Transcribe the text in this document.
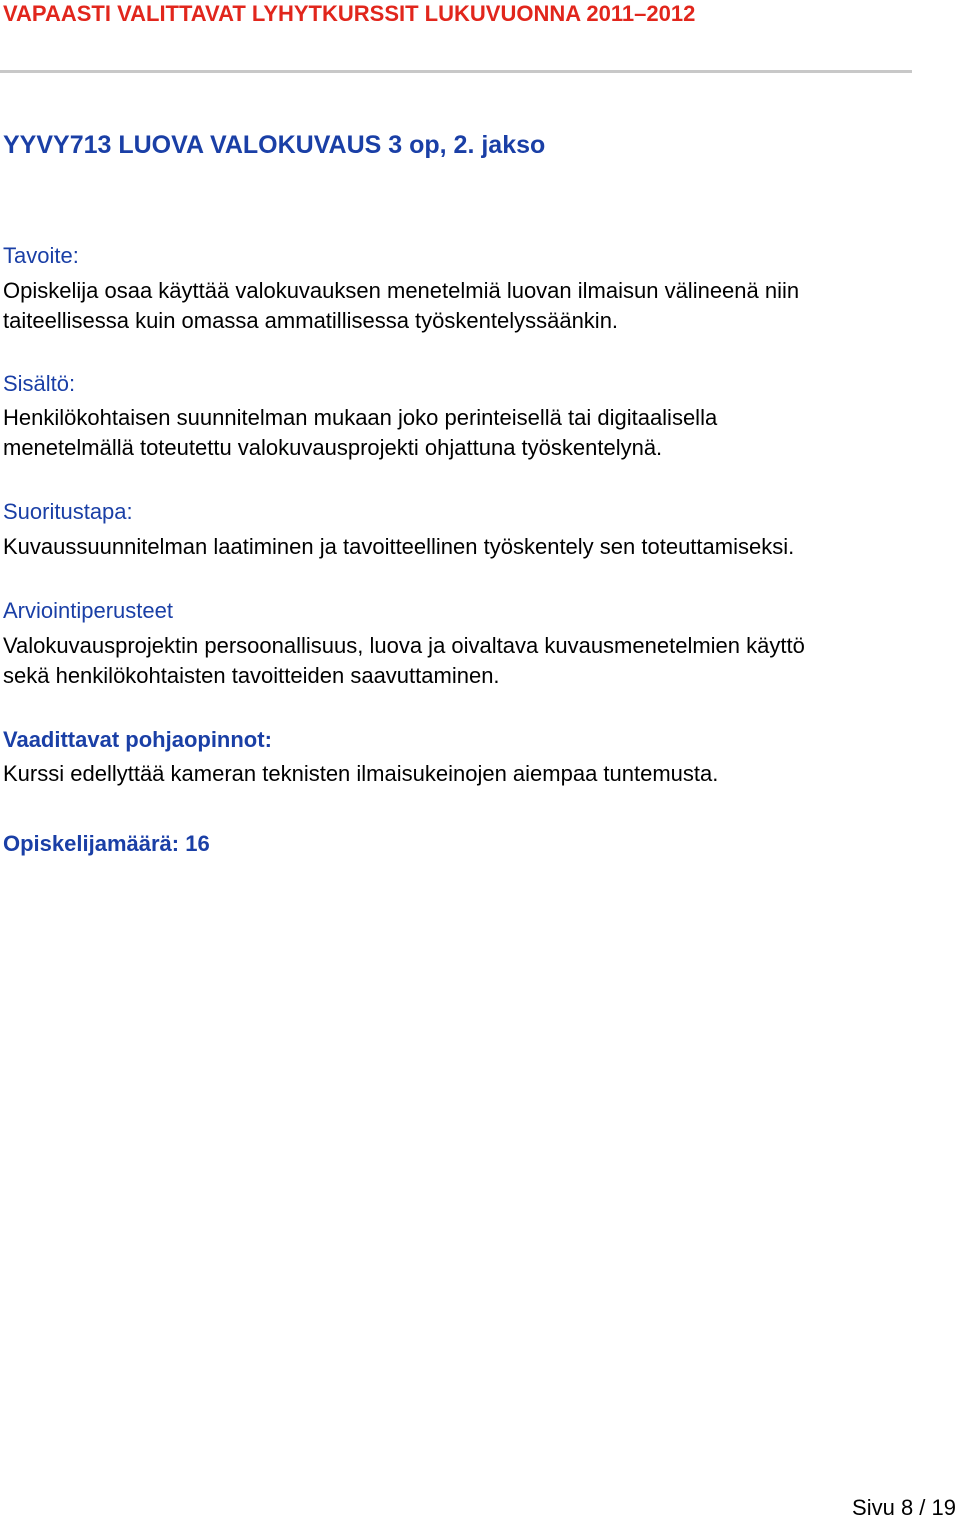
VAPAASTI VALITTAVAT LYHYTKURSSIT LUKUVUONNA 2011–2012
YYVY713 LUOVA VALOKUVAUS 3 op, 2. jakso
Tavoite:
Opiskelija osaa käyttää valokuvauksen menetelmiä luovan ilmaisun välineenä niin
taiteellisessa kuin omassa ammatillisessa työskentelyssäänkin.
Sisältö:
Henkilökohtaisen suunnitelman mukaan joko perinteisellä tai digitaalisella
menetelmällä toteutettu valokuvausprojekti ohjattuna työskentelynä.
Suoritustapa:
Kuvaussuunnitelman laatiminen ja tavoitteellinen työskentely sen toteuttamiseksi.
Arviointiperusteet
Valokuvausprojektin persoonallisuus, luova ja oivaltava kuvausmenetelmien käyttö
sekä henkilökohtaisten tavoitteiden saavuttaminen.
Vaadittavat pohjaopinnot:
Kurssi edellyttää kameran teknisten ilmaisukeinojen aiempaa tuntemusta.
Opiskelijamäärä: 16
Sivu 8 / 19
